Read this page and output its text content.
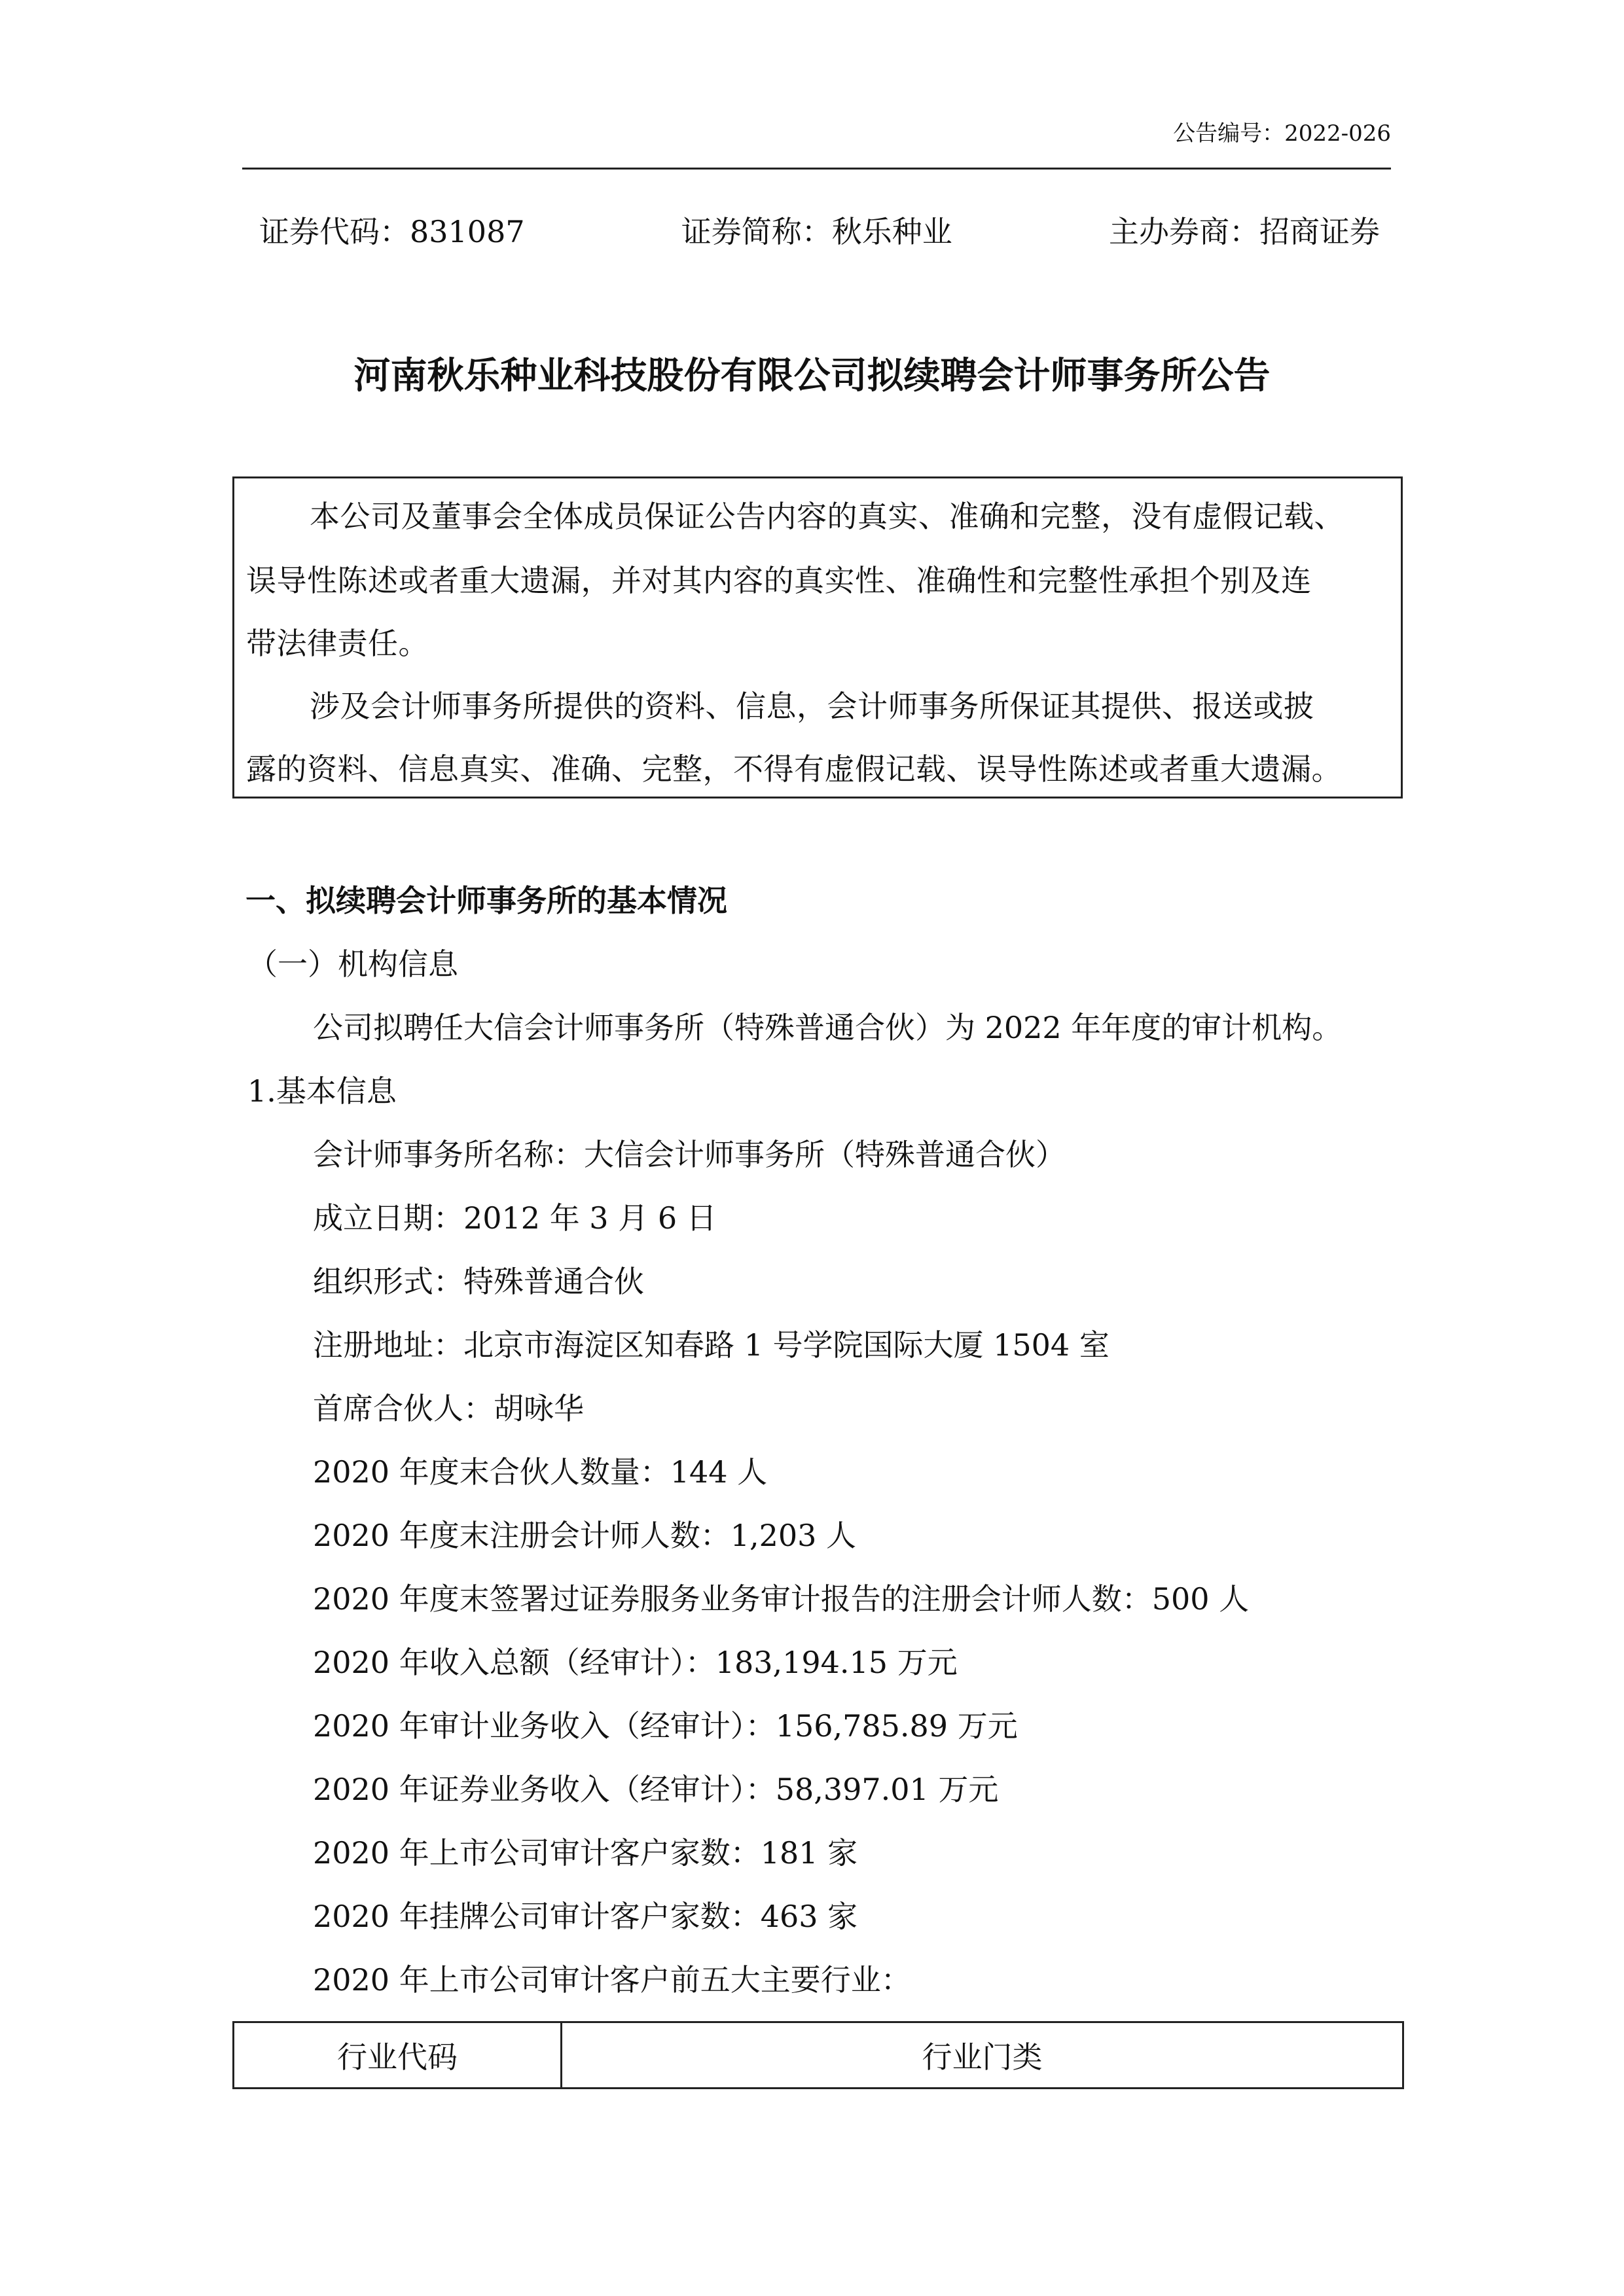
公告编号：2022-026
证券代码：831087	证券简称：秋乐种业	主办券商：招商证券
河南秋乐种业科技股份有限公司拟续聘会计师事务所公告
本公司及董事会全体成员保证公告内容的真实、准确和完整，没有虚假记载、
误导性陈述或者重大遗漏，并对其内容的真实性、准确性和完整性承担个别及连
带法律责任。
涉及会计师事务所提供的资料、信息，会计师事务所保证其提供、报送或披
露的资料、信息真实、准确、完整，不得有虚假记载、误导性陈述或者重大遗漏。
一、拟续聘会计师事务所的基本情况
（一）机构信息
公司拟聘任大信会计师事务所（特殊普通合伙）为 2022 年年度的审计机构。
1.基本信息
会计师事务所名称：大信会计师事务所（特殊普通合伙）
成立日期：2012 年 3 月 6 日
组织形式：特殊普通合伙
注册地址：北京市海淀区知春路 1 号学院国际大厦 1504 室
首席合伙人：胡咏华
2020 年度末合伙人数量：144 人
2020 年度末注册会计师人数：1,203 人
2020 年度末签署过证券服务业务审计报告的注册会计师人数：500 人
2020 年收入总额（经审计）：183,194.15 万元
2020 年审计业务收入（经审计）：156,785.89 万元
2020 年证券业务收入（经审计）：58,397.01 万元
2020 年上市公司审计客户家数：181 家
2020 年挂牌公司审计客户家数：463 家
2020 年上市公司审计客户前五大主要行业：
行业代码	行业门类
